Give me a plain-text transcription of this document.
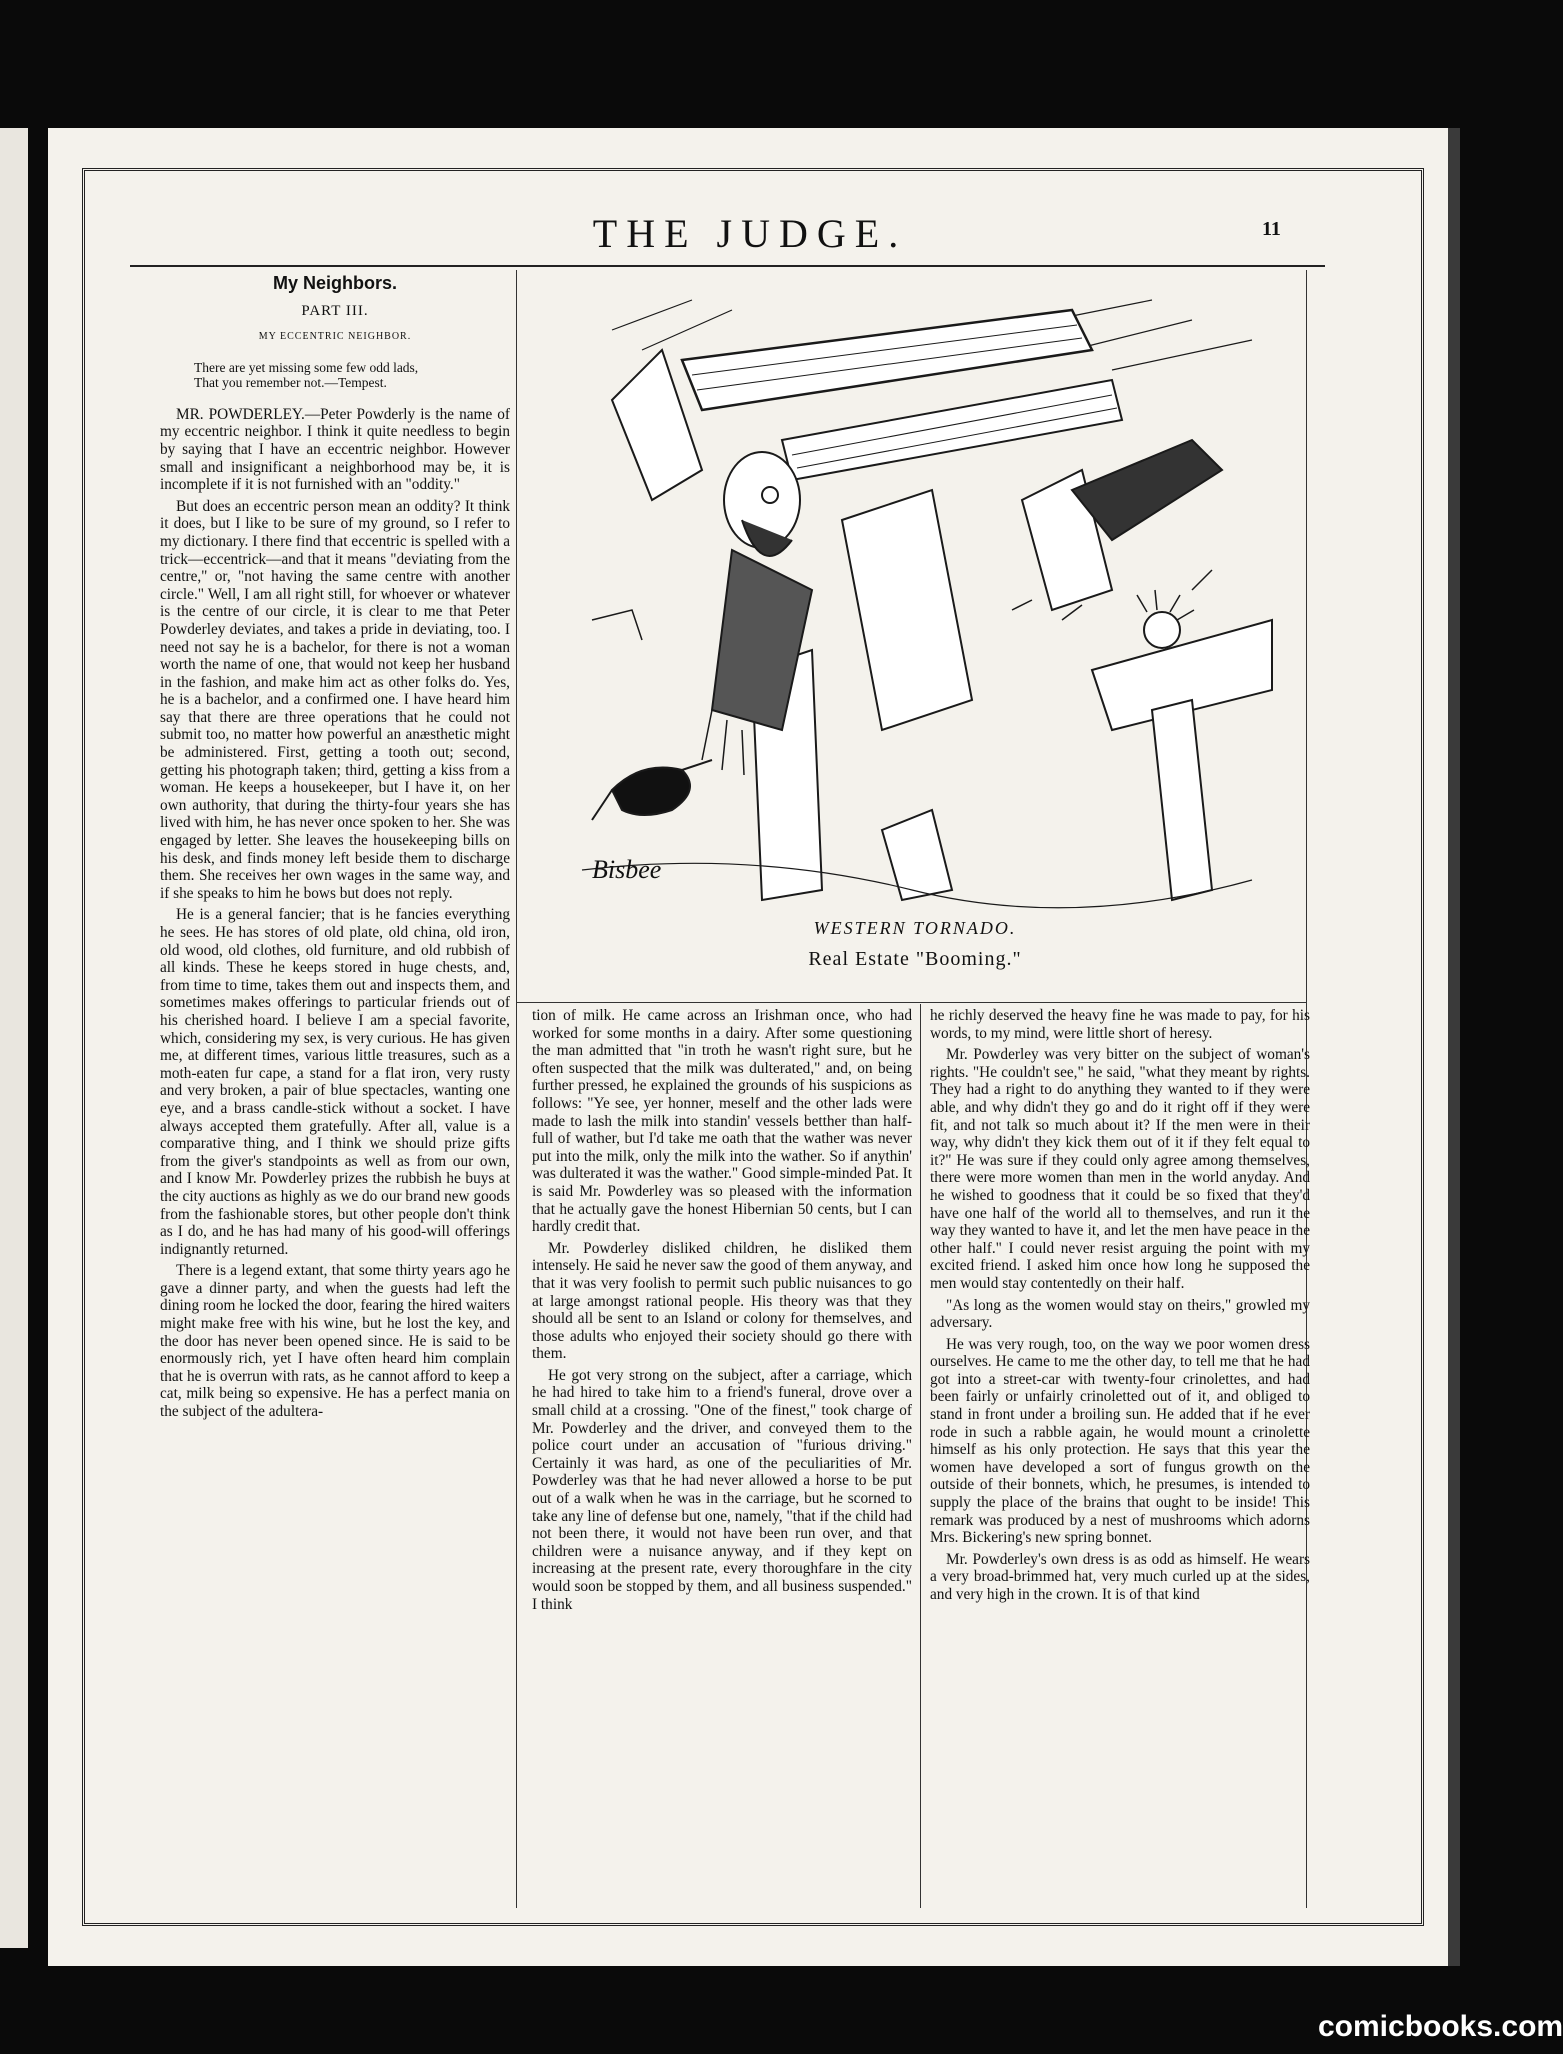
THE JUDGE.	11
My Neighbors.
PART III.
MY ECCENTRIC NEIGHBOR.
There are yet missing some few odd lads,
That you remember not.—Tempest.

MR. POWDERLEY.—Peter Powderly is the name of my eccentric neighbor. I think it quite needless to begin by saying that I have an eccentric neighbor. However small and insignificant a neighborhood may be, it is incomplete if it is not furnished with an "oddity."

But does an eccentric person mean an oddity? It think it does, but I like to be sure of my ground, so I refer to my dictionary. I there find that eccentric is spelled with a trick—eccentrick—and that it means "deviating from the centre," or, "not having the same centre with another circle." Well, I am all right still, for whoever or whatever is the centre of our circle, it is clear to me that Peter Powderley deviates, and takes a pride in deviating, too. I need not say he is a bachelor, for there is not a woman worth the name of one, that would not keep her husband in the fashion, and make him act as other folks do. Yes, he is a bachelor, and a confirmed one. I have heard him say that there are three operations that he could not submit too, no matter how powerful an anæsthetic might be administered. First, getting a tooth out; second, getting his photograph taken; third, getting a kiss from a woman. He keeps a housekeeper, but I have it, on her own authority, that during the thirty-four years she has lived with him, he has never once spoken to her. She was engaged by letter. She leaves the housekeeping bills on his desk, and finds money left beside them to discharge them. She receives her own wages in the same way, and if she speaks to him he bows but does not reply.

He is a general fancier; that is he fancies everything he sees. He has stores of old plate, old china, old iron, old wood, old clothes, old furniture, and old rubbish of all kinds. These he keeps stored in huge chests, and, from time to time, takes them out and inspects them, and sometimes makes offerings to particular friends out of his cherished hoard. I believe I am a special favorite, which, considering my sex, is very curious. He has given me, at different times, various little treasures, such as a moth-eaten fur cape, a stand for a flat iron, very rusty and very broken, a pair of blue spectacles, wanting one eye, and a brass candle-stick without a socket. I have always accepted them gratefully. After all, value is a comparative thing, and I think we should prize gifts from the giver's standpoints as well as from our own, and I know Mr. Powderley prizes the rubbish he buys at the city auctions as highly as we do our brand new goods from the fashionable stores, but other people don't think as I do, and he has had many of his good-will offerings indignantly returned.

There is a legend extant, that some thirty years ago he gave a dinner party, and when the guests had left the dining room he locked the door, fearing the hired waiters might make free with his wine, but he lost the key, and the door has never been opened since. He is said to be enormously rich, yet I have often heard him complain that he is overrun with rats, as he cannot afford to keep a cat, milk being so expensive. He has a perfect mania on the subject of the adultera-

Bisbee
WESTERN TORNADO.
Real Estate "Booming."

tion of milk. He came across an Irishman once, who had worked for some months in a dairy. After some questioning the man admitted that "in troth he wasn't right sure, but he often suspected that the milk was dulterated," and, on being further pressed, he explained the grounds of his suspicions as follows: "Ye see, yer honner, meself and the other lads were made to lash the milk into standin' vessels betther than half-full of wather, but I'd take me oath that the wather was never put into the milk, only the milk into the wather. So if anythin' was dulterated it was the wather." Good simple-minded Pat. It is said Mr. Powderley was so pleased with the information that he actually gave the honest Hibernian 50 cents, but I can hardly credit that.

Mr. Powderley disliked children, he disliked them intensely. He said he never saw the good of them anyway, and that it was very foolish to permit such public nuisances to go at large amongst rational people. His theory was that they should all be sent to an Island or colony for themselves, and those adults who enjoyed their society should go there with them.

He got very strong on the subject, after a carriage, which he had hired to take him to a friend's funeral, drove over a small child at a crossing. "One of the finest," took charge of Mr. Powderley and the driver, and conveyed them to the police court under an accusation of "furious driving." Certainly it was hard, as one of the peculiarities of Mr. Powderley was that he had never allowed a horse to be put out of a walk when he was in the carriage, but he scorned to take any line of defense but one, namely, "that if the child had not been there, it would not have been run over, and that children were a nuisance anyway, and if they kept on increasing at the present rate, every thoroughfare in the city would soon be stopped by them, and all business suspended." I think

he richly deserved the heavy fine he was made to pay, for his words, to my mind, were little short of heresy.

Mr. Powderley was very bitter on the subject of woman's rights. "He couldn't see," he said, "what they meant by rights. They had a right to do anything they wanted to if they were able, and why didn't they go and do it right off if they were fit, and not talk so much about it? If the men were in their way, why didn't they kick them out of it if they felt equal to it?" He was sure if they could only agree among themselves, there were more women than men in the world anyday. And he wished to goodness that it could be so fixed that they'd have one half of the world all to themselves, and run it the way they wanted to have it, and let the men have peace in the other half." I could never resist arguing the point with my excited friend. I asked him once how long he supposed the men would stay contentedly on their half.

"As long as the women would stay on theirs," growled my adversary.

He was very rough, too, on the way we poor women dress ourselves. He came to me the other day, to tell me that he had got into a street-car with twenty-four crinolettes, and had been fairly or unfairly crinoletted out of it, and obliged to stand in front under a broiling sun. He added that if he ever rode in such a rabble again, he would mount a crinolette himself as his only protection. He says that this year the women have developed a sort of fungus growth on the outside of their bonnets, which, he presumes, is intended to supply the place of the brains that ought to be inside! This remark was produced by a nest of mushrooms which adorns Mrs. Bickering's new spring bonnet.

Mr. Powderley's own dress is as odd as himself. He wears a very broad-brimmed hat, very much curled up at the sides, and very high in the crown. It is of that kind

comicbooks.com
